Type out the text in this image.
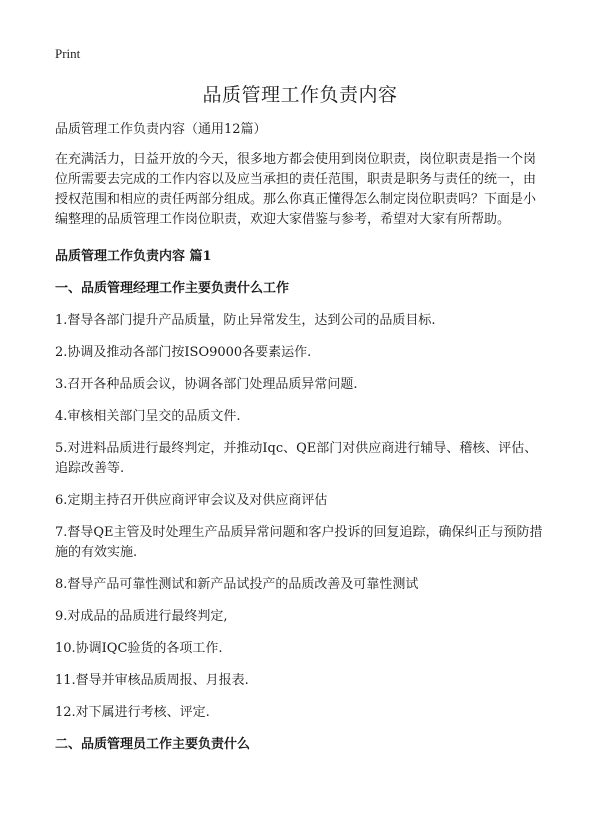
Print
品质管理工作负责内容

品质管理工作负责内容（通用12篇）

在充满活力，日益开放的今天，很多地方都会使用到岗位职责，岗位职责是指一个岗位所需要去完成的工作内容以及应当承担的责任范围，职责是职务与责任的统一，由授权范围和相应的责任两部分组成。那么你真正懂得怎么制定岗位职责吗？下面是小编整理的品质管理工作岗位职责，欢迎大家借鉴与参考，希望对大家有所帮助。

品质管理工作负责内容 篇1

一、品质管理经理工作主要负责什么工作

1.督导各部门提升产品质量，防止异常发生，达到公司的品质目标.

2.协调及推动各部门按ISO9000各要素运作.

3.召开各种品质会议，协调各部门处理品质异常问题.

4.审核相关部门呈交的品质文件.

5.对进料品质进行最终判定，并推动Iqc、QE部门对供应商进行辅导、稽核、评估、追踪改善等.

6.定期主持召开供应商评审会议及对供应商评估

7.督导QE主管及时处理生产品质异常问题和客户投诉的回复追踪，确保纠正与预防措施的有效实施.

8.督导产品可靠性测试和新产品试投产的品质改善及可靠性测试

9.对成品的品质进行最终判定,

10.协调IQC验货的各项工作.

11.督导并审核品质周报、月报表.

12.对下属进行考核、评定.

二、品质管理员工作主要负责什么
